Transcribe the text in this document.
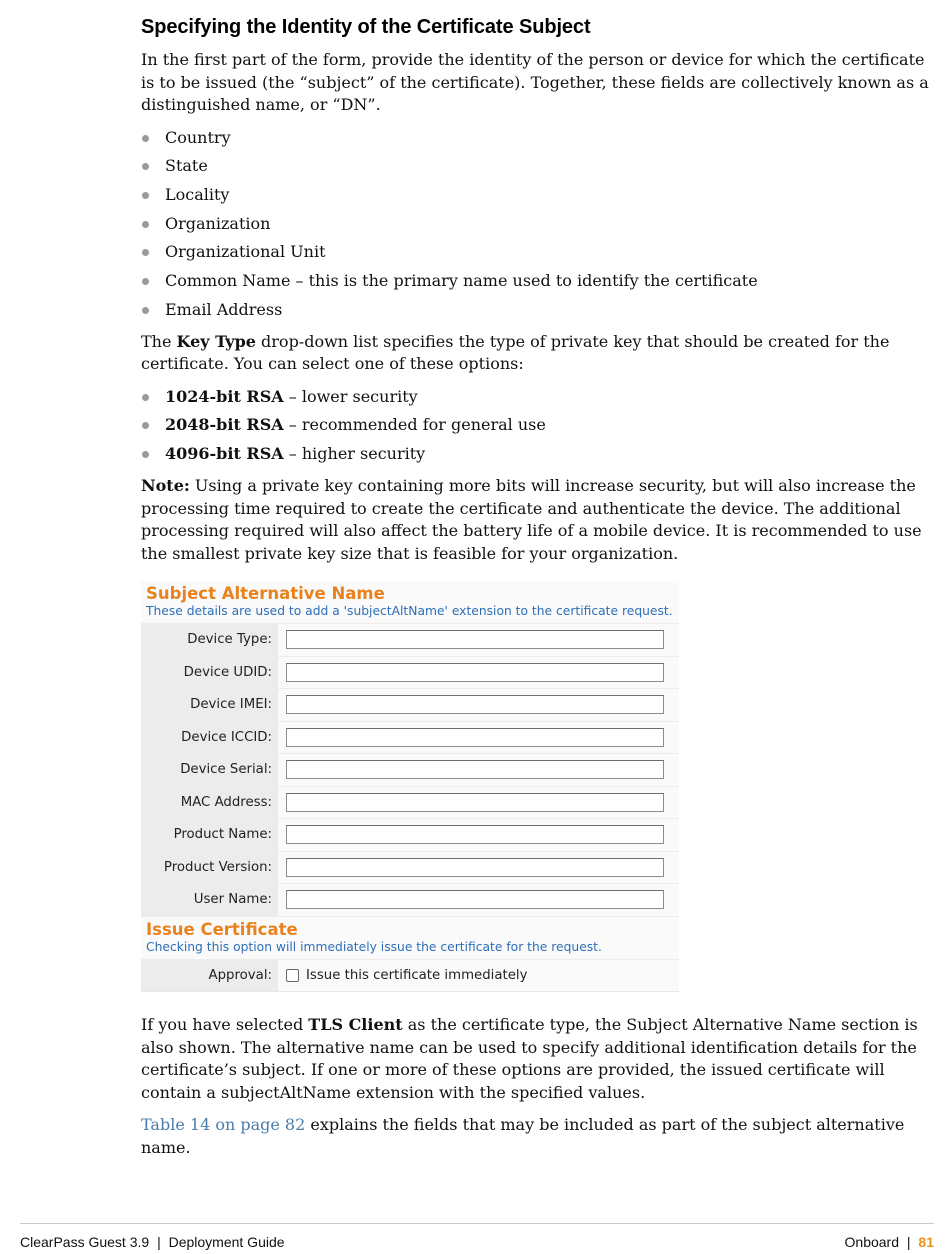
Specifying the Identity of the Certificate Subject

In the first part of the form, provide the identity of the person or device for which the certificate is to be issued (the “subject” of the certificate). Together, these fields are collectively known as a distinguished name, or “DN”.

Country
State
Locality
Organization
Organizational Unit
Common Name – this is the primary name used to identify the certificate
Email Address

The Key Type drop-down list specifies the type of private key that should be created for the certificate. You can select one of these options:

1024-bit RSA – lower security
2048-bit RSA – recommended for general use
4096-bit RSA – higher security

Note: Using a private key containing more bits will increase security, but will also increase the processing time required to create the certificate and authenticate the device. The additional processing required will also affect the battery life of a mobile device. It is recommended to use the smallest private key size that is feasible for your organization.

Subject Alternative Name
These details are used to add a 'subjectAltName' extension to the certificate request.
Device Type:
Device UDID:
Device IMEI:
Device ICCID:
Device Serial:
MAC Address:
Product Name:
Product Version:
User Name:
Issue Certificate
Checking this option will immediately issue the certificate for the request.
Approval:	Issue this certificate immediately

If you have selected TLS Client as the certificate type, the Subject Alternative Name section is also shown. The alternative name can be used to specify additional identification details for the certificate’s subject. If one or more of these options are provided, the issued certificate will contain a subjectAltName extension with the specified values.

Table 14 on page 82 explains the fields that may be included as part of the subject alternative name.

ClearPass Guest 3.9 | Deployment Guide	Onboard | 81
